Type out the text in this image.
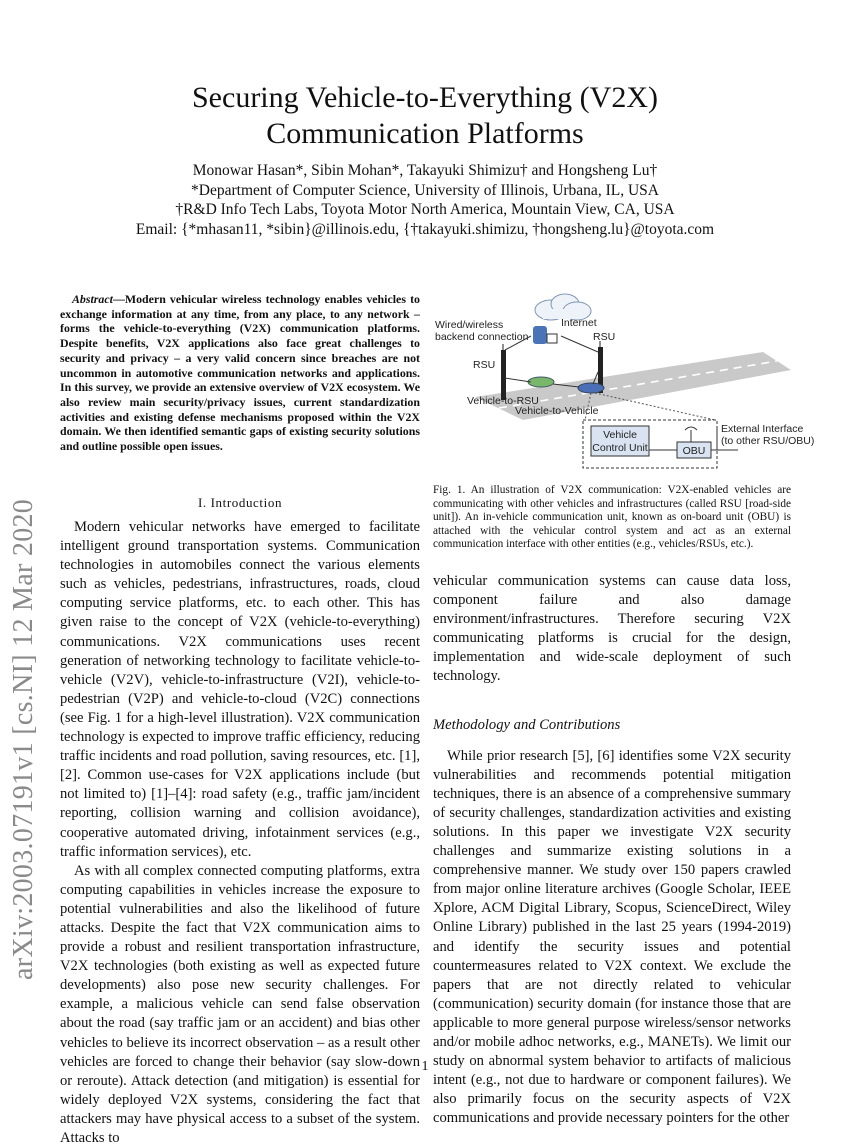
arXiv:2003.07191v1 [cs.NI] 12 Mar 2020
Securing Vehicle-to-Everything (V2X)
Communication Platforms
Monowar Hasan*, Sibin Mohan*, Takayuki Shimizu† and Hongsheng Lu†
*Department of Computer Science, University of Illinois, Urbana, IL, USA
†R&D Info Tech Labs, Toyota Motor North America, Mountain View, CA, USA
Email: {*mhasan11, *sibin}@illinois.edu, {†takayuki.shimizu, †hongsheng.lu}@toyota.com

Abstract—Modern vehicular wireless technology enables vehicles to exchange information at any time, from any place, to any network – forms the vehicle-to-everything (V2X) communication platforms. Despite benefits, V2X applications also face great challenges to security and privacy – a very valid concern since breaches are not uncommon in automotive communication networks and applications. In this survey, we provide an extensive overview of V2X ecosystem. We also review main security/privacy issues, current standardization activities and existing defense mechanisms proposed within the V2X domain. We then identified semantic gaps of existing security solutions and outline possible open issues.

I. Introduction

Modern vehicular networks have emerged to facilitate intelligent ground transportation systems. Communication technologies in automobiles connect the various elements such as vehicles, pedestrians, infrastructures, roads, cloud computing service platforms, etc. to each other. This has given raise to the concept of V2X (vehicle-to-everything) communications. V2X communications uses recent generation of networking technology to facilitate vehicle-to-vehicle (V2V), vehicle-to-infrastructure (V2I), vehicle-to-pedestrian (V2P) and vehicle-to-cloud (V2C) connections (see Fig. 1 for a high-level illustration). V2X communication technology is expected to improve traffic efficiency, reducing traffic incidents and road pollution, saving resources, etc. [1], [2]. Common use-cases for V2X applications include (but not limited to) [1]–[4]: road safety (e.g., traffic jam/incident reporting, collision warning and collision avoidance), cooperative automated driving, infotainment services (e.g., traffic information services), etc.

As with all complex connected computing platforms, extra computing capabilities in vehicles increase the exposure to potential vulnerabilities and also the likelihood of future attacks. Despite the fact that V2X communication aims to provide a robust and resilient transportation infrastructure, V2X technologies (both existing as well as expected future developments) also pose new security challenges. For example, a malicious vehicle can send false observation about the road (say traffic jam or an accident) and bias other vehicles to believe its incorrect observation – as a result other vehicles are forced to change their behavior (say slow-down or reroute). Attack detection (and mitigation) is essential for widely deployed V2X systems, considering the fact that attackers may have physical access to a subset of the system. Attacks to

Internet
Wired/wireless
backend connection
RSU
RSU
Vehicle-to-RSU
Vehicle-to-Vehicle
Vehicle
Control Unit	OBU
External Interface
(to other RSU/OBU)

Fig. 1. An illustration of V2X communication: V2X-enabled vehicles are communicating with other vehicles and infrastructures (called RSU [road-side unit]). An in-vehicle communication unit, known as on-board unit (OBU) is attached with the vehicular control system and act as an external communication interface with other entities (e.g., vehicles/RSUs, etc.).

vehicular communication systems can cause data loss, component failure and also damage environment/infrastructures. Therefore securing V2X communicating platforms is crucial for the design, implementation and wide-scale deployment of such technology.

Methodology and Contributions

While prior research [5], [6] identifies some V2X security vulnerabilities and recommends potential mitigation techniques, there is an absence of a comprehensive summary of security challenges, standardization activities and existing solutions. In this paper we investigate V2X security challenges and summarize existing solutions in a comprehensive manner. We study over 150 papers crawled from major online literature archives (Google Scholar, IEEE Xplore, ACM Digital Library, Scopus, ScienceDirect, Wiley Online Library) published in the last 25 years (1994-2019) and identify the security issues and potential countermeasures related to V2X context. We exclude the papers that are not directly related to vehicular (communication) security domain (for instance those that are applicable to more general purpose wireless/sensor networks and/or mobile adhoc networks, e.g., MANETs). We limit our study on abnormal system behavior to artifacts of malicious intent (e.g., not due to hardware or component failures). We also primarily focus on the security aspects of V2X communications and provide necessary pointers for the other

1
